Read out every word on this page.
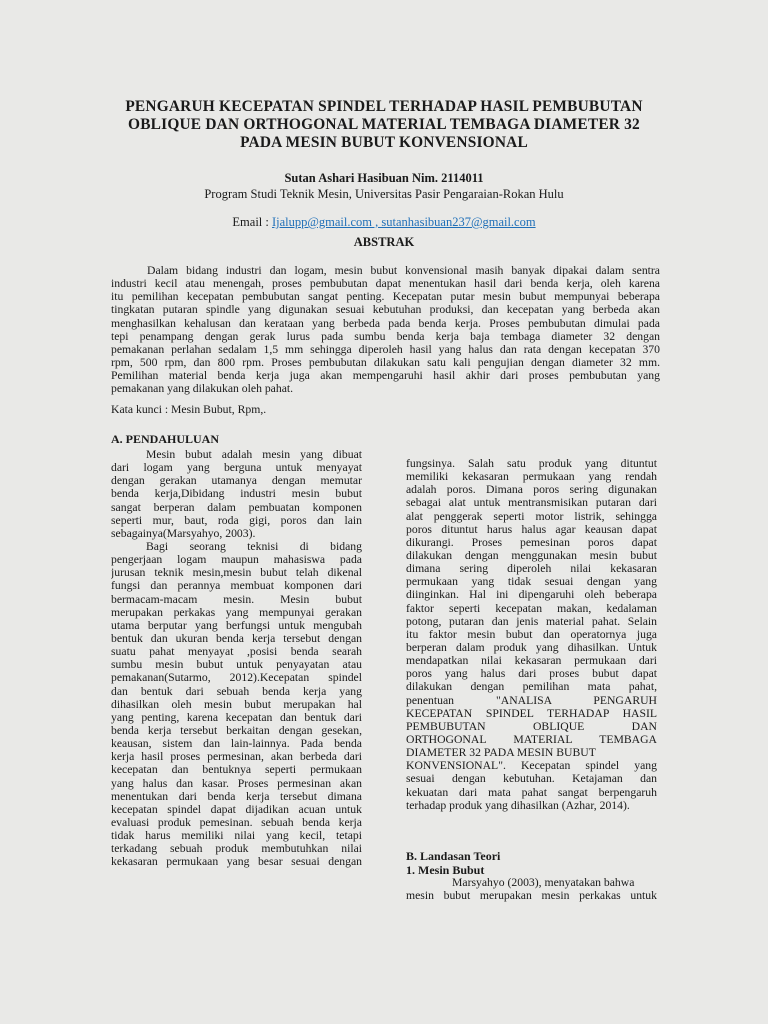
PENGARUH KECEPATAN SPINDEL TERHADAP HASIL PEMBUBUTAN
OBLIQUE DAN ORTHOGONAL MATERIAL TEMBAGA DIAMETER 32
PADA MESIN BUBUT KONVENSIONAL
Sutan Ashari Hasibuan Nim. 2114011
Program Studi Teknik Mesin, Universitas Pasir Pengaraian-Rokan Hulu
Email : Ijalupp@gmail.com , sutanhasibuan237@gmail.com
ABSTRAK
Dalam bidang industri dan logam, mesin bubut konvensional masih banyak dipakai dalam sentra
industri kecil atau menengah, proses pembubutan dapat menentukan hasil dari benda kerja, oleh karena
itu pemilihan kecepatan pembubutan sangat penting. Kecepatan putar mesin bubut mempunyai beberapa
tingkatan putaran spindle yang digunakan sesuai kebutuhan produksi, dan kecepatan yang berbeda akan
menghasilkan kehalusan dan kerataan yang berbeda pada benda kerja. Proses pembubutan dimulai pada
tepi penampang dengan gerak lurus pada sumbu benda kerja baja tembaga diameter 32 dengan
pemakanan perlahan sedalam 1,5 mm sehingga diperoleh hasil yang halus dan rata dengan kecepatan 370
rpm, 500 rpm, dan 800 rpm. Proses pembubutan dilakukan satu kali pengujian dengan diameter 32 mm.
Pemilihan material benda kerja juga akan mempengaruhi hasil akhir dari proses pembubutan yang
pemakanan yang dilakukan oleh pahat.
Kata kunci : Mesin Bubut, Rpm,.
A. PENDAHULUAN
Mesin bubut adalah mesin yang dibuat
dari logam yang berguna untuk menyayat
dengan gerakan utamanya dengan memutar
benda kerja,Dibidang industri mesin bubut
sangat berperan dalam pembuatan komponen
seperti mur, baut, roda gigi, poros dan lain
sebagainya(Marsyahyo, 2003).
Bagi seorang teknisi di bidang
pengerjaan logam maupun mahasiswa pada
jurusan teknik mesin,mesin bubut telah dikenal
fungsi dan perannya membuat komponen dari
bermacam-macam mesin. Mesin bubut
merupakan perkakas yang mempunyai gerakan
utama berputar yang berfungsi untuk mengubah
bentuk dan ukuran benda kerja tersebut dengan
suatu pahat menyayat ,posisi benda searah
sumbu mesin bubut untuk penyayatan atau
pemakanan(Sutarmo, 2012).Kecepatan spindel
dan bentuk dari sebuah benda kerja yang
dihasilkan oleh mesin bubut merupakan hal
yang penting, karena kecepatan dan bentuk dari
benda kerja tersebut berkaitan dengan gesekan,
keausan, sistem dan lain-lainnya. Pada benda
kerja hasil proses permesinan, akan berbeda dari
kecepatan dan bentuknya seperti permukaan
yang halus dan kasar. Proses permesinan akan
menentukan dari benda kerja tersebut dimana
kecepatan spindel dapat dijadikan acuan untuk
evaluasi produk pemesinan. sebuah benda kerja
tidak harus memiliki nilai yang kecil, tetapi
terkadang sebuah produk membutuhkan nilai
kekasaran permukaan yang besar sesuai dengan
fungsinya. Salah satu produk yang dituntut
memiliki kekasaran permukaan yang rendah
adalah poros. Dimana poros sering digunakan
sebagai alat untuk mentransmisikan putaran dari
alat penggerak seperti motor listrik, sehingga
poros dituntut harus halus agar keausan dapat
dikurangi. Proses pemesinan poros dapat
dilakukan dengan menggunakan mesin bubut
dimana sering diperoleh nilai kekasaran
permukaan yang tidak sesuai dengan yang
diinginkan. Hal ini dipengaruhi oleh beberapa
faktor seperti kecepatan makan, kedalaman
potong, putaran dan jenis material pahat. Selain
itu faktor mesin bubut dan operatornya juga
berperan dalam produk yang dihasilkan. Untuk
mendapatkan nilai kekasaran permukaan dari
poros yang halus dari proses bubut dapat
dilakukan dengan pemilihan mata pahat,
penentuan "ANALISA PENGARUH
KECEPATAN SPINDEL TERHADAP HASIL
PEMBUBUTAN OBLIQUE DAN
ORTHOGONAL MATERIAL TEMBAGA
DIAMETER 32 PADA MESIN BUBUT
KONVENSIONAL". Kecepatan spindel yang
sesuai dengan kebutuhan. Ketajaman dan
kekuatan dari mata pahat sangat berpengaruh
terhadap produk yang dihasilkan (Azhar, 2014).
B. Landasan Teori
1. Mesin Bubut
Marsyahyo (2003), menyatakan bahwa
mesin bubut merupakan mesin perkakas untuk
